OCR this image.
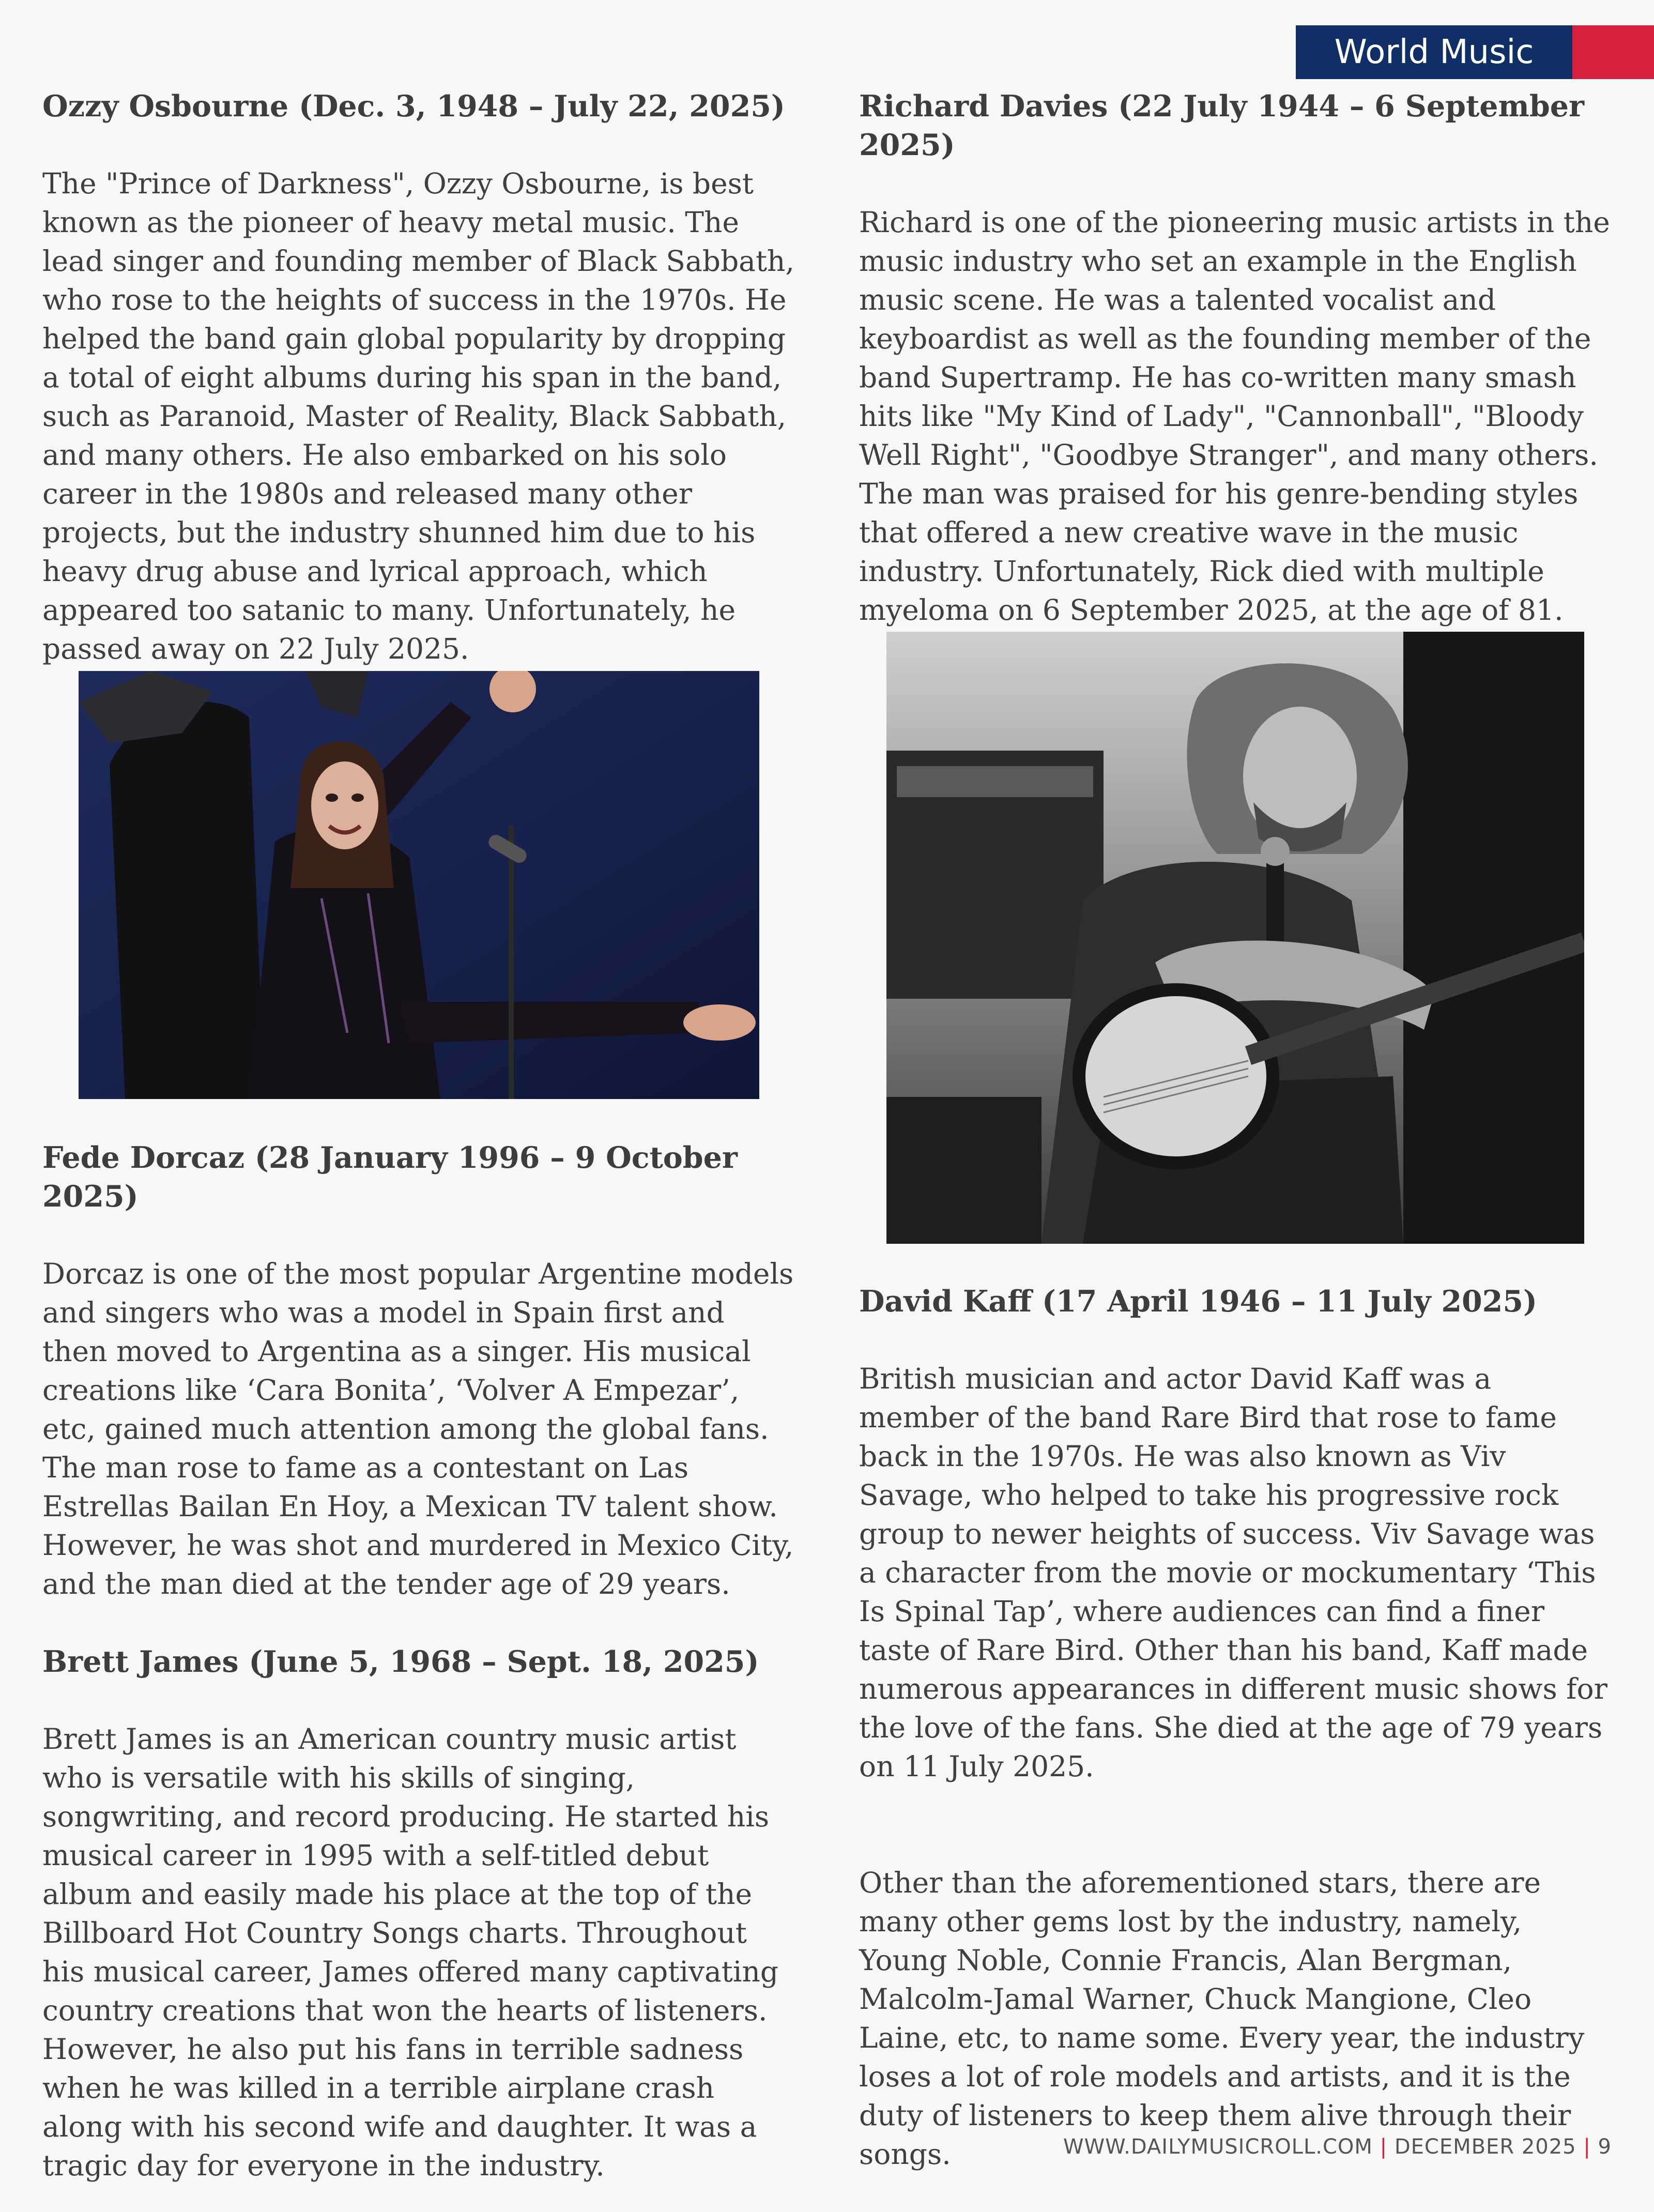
World Music
Ozzy Osbourne (Dec. 3, 1948 – July 22, 2025)

The "Prince of Darkness", Ozzy Osbourne, is best known as the pioneer of heavy metal music. The lead singer and founding member of Black Sabbath, who rose to the heights of success in the 1970s. He helped the band gain global popularity by dropping a total of eight albums during his span in the band, such as Paranoid, Master of Reality, Black Sabbath, and many others. He also embarked on his solo career in the 1980s and released many other projects, but the industry shunned him due to his heavy drug abuse and lyrical approach, which appeared too satanic to many. Unfortunately, he passed away on 22 July 2025.

Fede Dorcaz (28 January 1996 – 9 October 2025)

Dorcaz is one of the most popular Argentine models and singers who was a model in Spain first and then moved to Argentina as a singer. His musical creations like ‘Cara Bonita’, ‘Volver A Empezar’, etc, gained much attention among the global fans. The man rose to fame as a contestant on Las Estrellas Bailan En Hoy, a Mexican TV talent show. However, he was shot and murdered in Mexico City, and the man died at the tender age of 29 years.

Brett James (June 5, 1968 – Sept. 18, 2025)

Brett James is an American country music artist who is versatile with his skills of singing, songwriting, and record producing. He started his musical career in 1995 with a self-titled debut album and easily made his place at the top of the Billboard Hot Country Songs charts. Throughout his musical career, James offered many captivating country creations that won the hearts of listeners. However, he also put his fans in terrible sadness when he was killed in a terrible airplane crash along with his second wife and daughter. It was a tragic day for everyone in the industry.

Richard Davies (22 July 1944 – 6 September 2025)

Richard is one of the pioneering music artists in the music industry who set an example in the English music scene. He was a talented vocalist and keyboardist as well as the founding member of the band Supertramp. He has co-written many smash hits like "My Kind of Lady", "Cannonball", "Bloody Well Right", "Goodbye Stranger", and many others. The man was praised for his genre-bending styles that offered a new creative wave in the music industry. Unfortunately, Rick died with multiple myeloma on 6 September 2025, at the age of 81.

David Kaff (17 April 1946 – 11 July 2025)

British musician and actor David Kaff was a member of the band Rare Bird that rose to fame back in the 1970s. He was also known as Viv Savage, who helped to take his progressive rock group to newer heights of success. Viv Savage was a character from the movie or mockumentary ‘This Is Spinal Tap’, where audiences can find a finer taste of Rare Bird. Other than his band, Kaff made numerous appearances in different music shows for the love of the fans. She died at the age of 79 years on 11 July 2025.

Other than the aforementioned stars, there are many other gems lost by the industry, namely, Young Noble, Connie Francis, Alan Bergman, Malcolm-Jamal Warner, Chuck Mangione, Cleo Laine, etc, to name some. Every year, the industry loses a lot of role models and artists, and it is the duty of listeners to keep them alive through their songs.	WWW.DAILYMUSICROLL.COM | DECEMBER 2025 | 9
